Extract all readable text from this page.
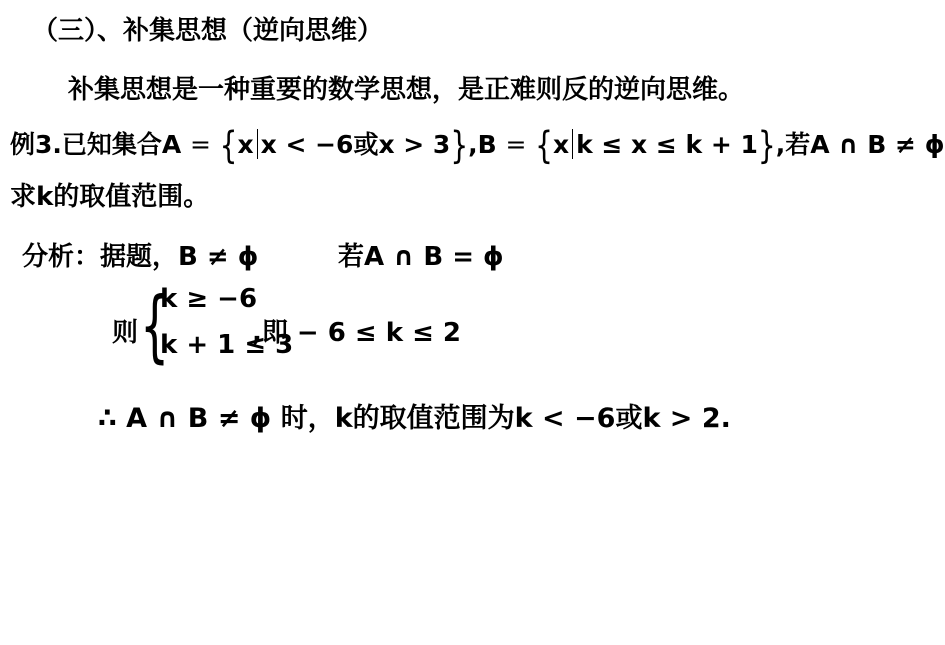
（三）、补集思想（逆向思维）
补集思想是一种重要的数学思想，是正难则反的逆向思维。
例3.已知集合A = {x x < −6或x > 3},B = {x k ≤ x ≤ k + 1},若A ∩ B ≠ ϕ
求k的取值范围。
分析：据题，B ≠ ϕ	若A ∩ B = ϕ
则 {
k ≥ −6
k + 1 ≤ 3
,即 − 6 ≤ k ≤ 2
∴ A ∩ B ≠ ϕ 时，k的取值范围为k < −6或k > 2.
